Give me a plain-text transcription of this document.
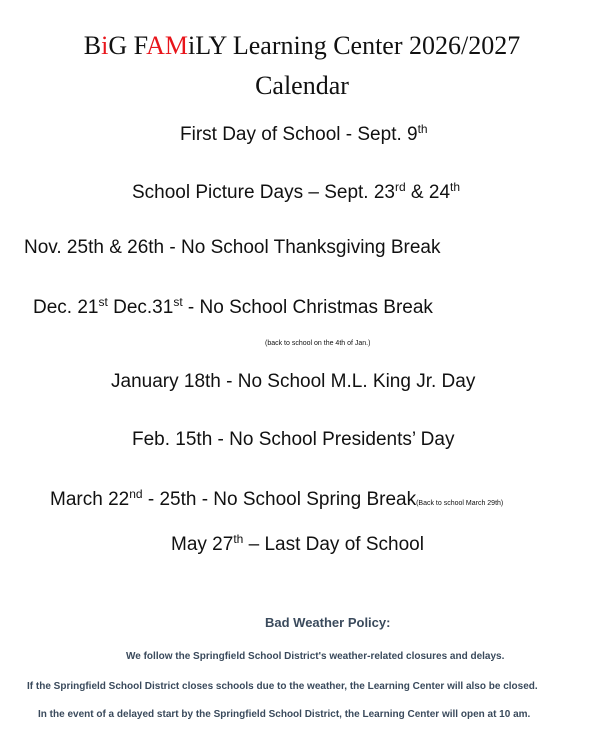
BiG FAMiLY Learning Center 2026/2027
Calendar
First Day of School - Sept. 9th
School Picture Days – Sept. 23rd & 24th
Nov. 25th & 26th - No School Thanksgiving Break
Dec. 21st Dec.31st - No School Christmas Break
(back to school on the 4th of Jan.)
January 18th - No School M.L. King Jr. Day
Feb. 15th - No School Presidents’ Day
March 22nd - 25th - No School Spring Break(Back to school March 29th)
May 27th – Last Day of School
Bad Weather Policy:
We follow the Springfield School District's weather-related closures and delays.
If the Springfield School District closes schools due to the weather, the Learning Center will also be closed.
In the event of a delayed start by the Springfield School District, the Learning Center will open at 10 am.
